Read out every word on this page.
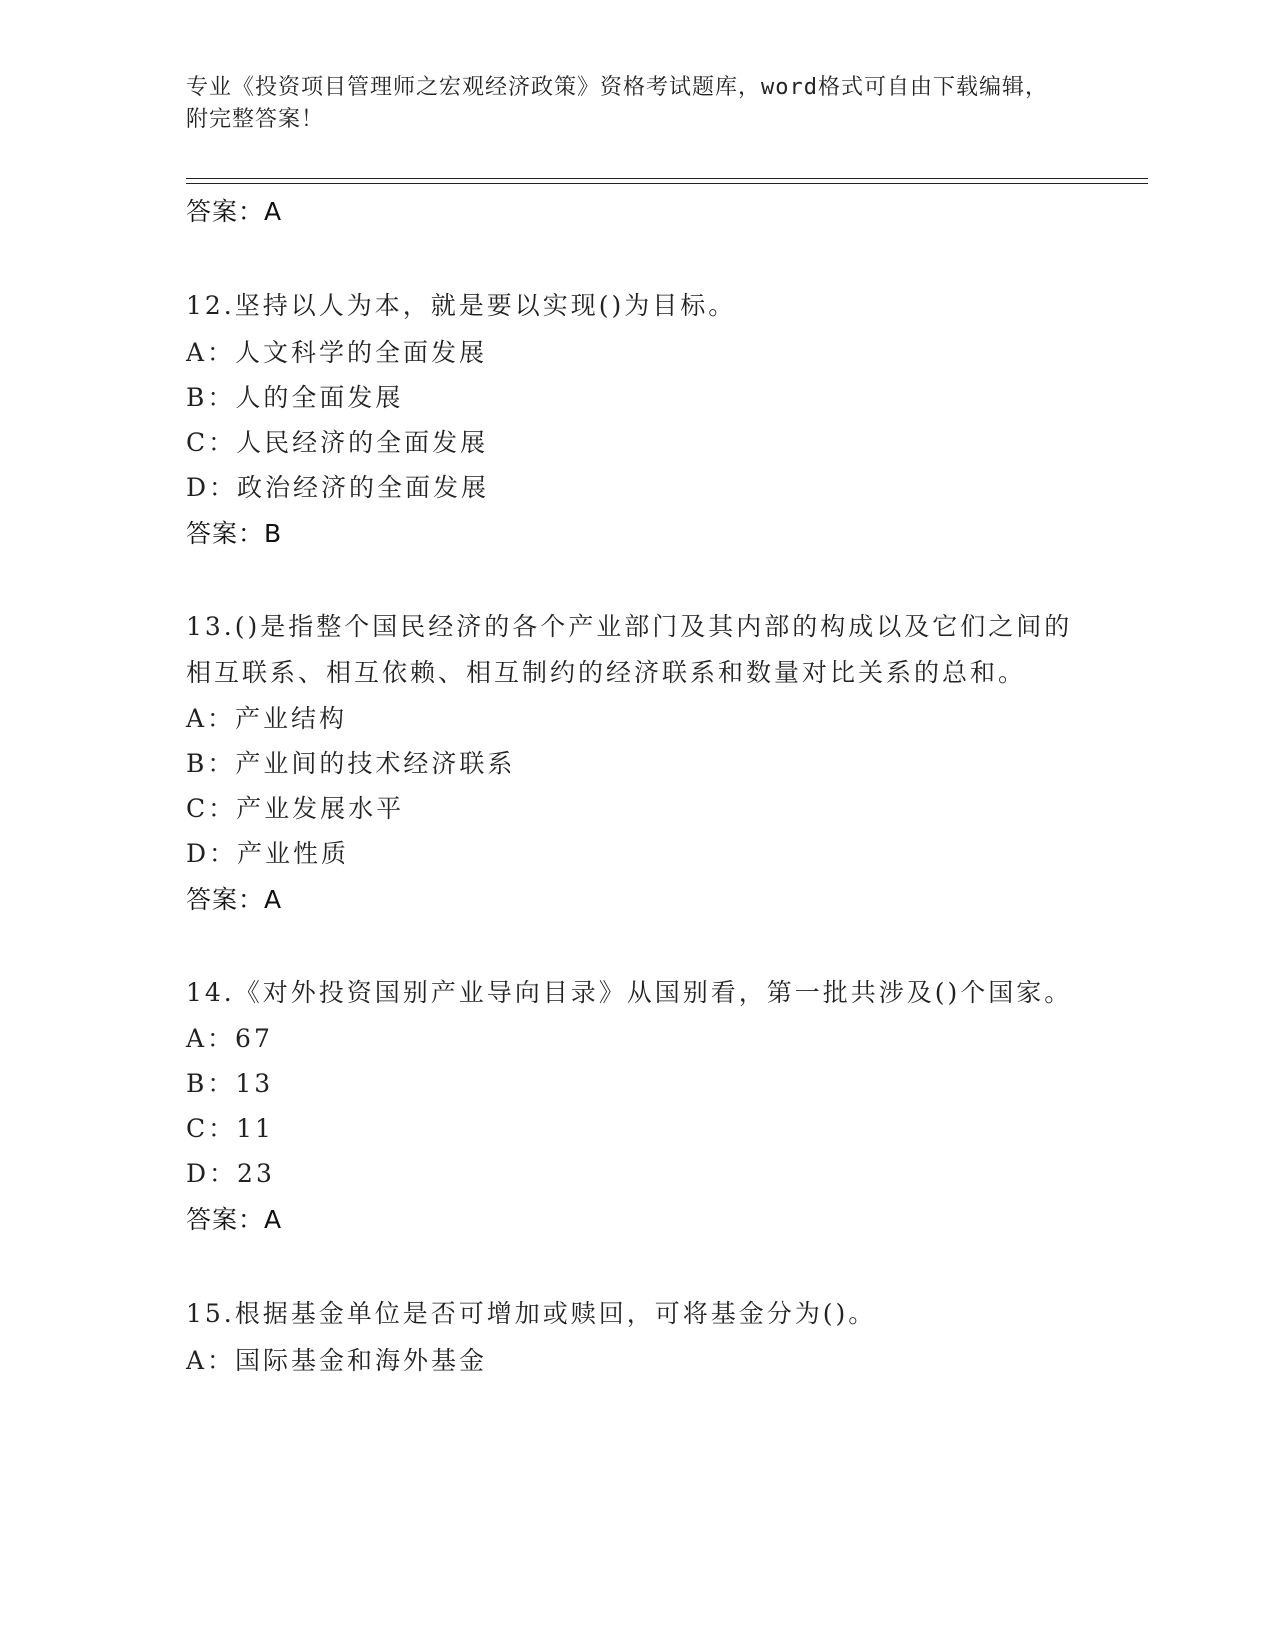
专业《投资项目管理师之宏观经济政策》资格考试题库，word格式可自由下载编辑，附完整答案！

答案：A

12.坚持以人为本，就是要以实现()为目标。

A：人文科学的全面发展

B：人的全面发展

C：人民经济的全面发展

D：政治经济的全面发展

答案：B

13.()是指整个国民经济的各个产业部门及其内部的构成以及它们之间的相互联系、相互依赖、相互制约的经济联系和数量对比关系的总和。

A：产业结构

B：产业间的技术经济联系

C：产业发展水平

D：产业性质

答案：A

14.《对外投资国别产业导向目录》从国别看，第一批共涉及()个国家。

A：67

B：13

C：11

D：23

答案：A

15.根据基金单位是否可增加或赎回，可将基金分为()。

A：国际基金和海外基金
